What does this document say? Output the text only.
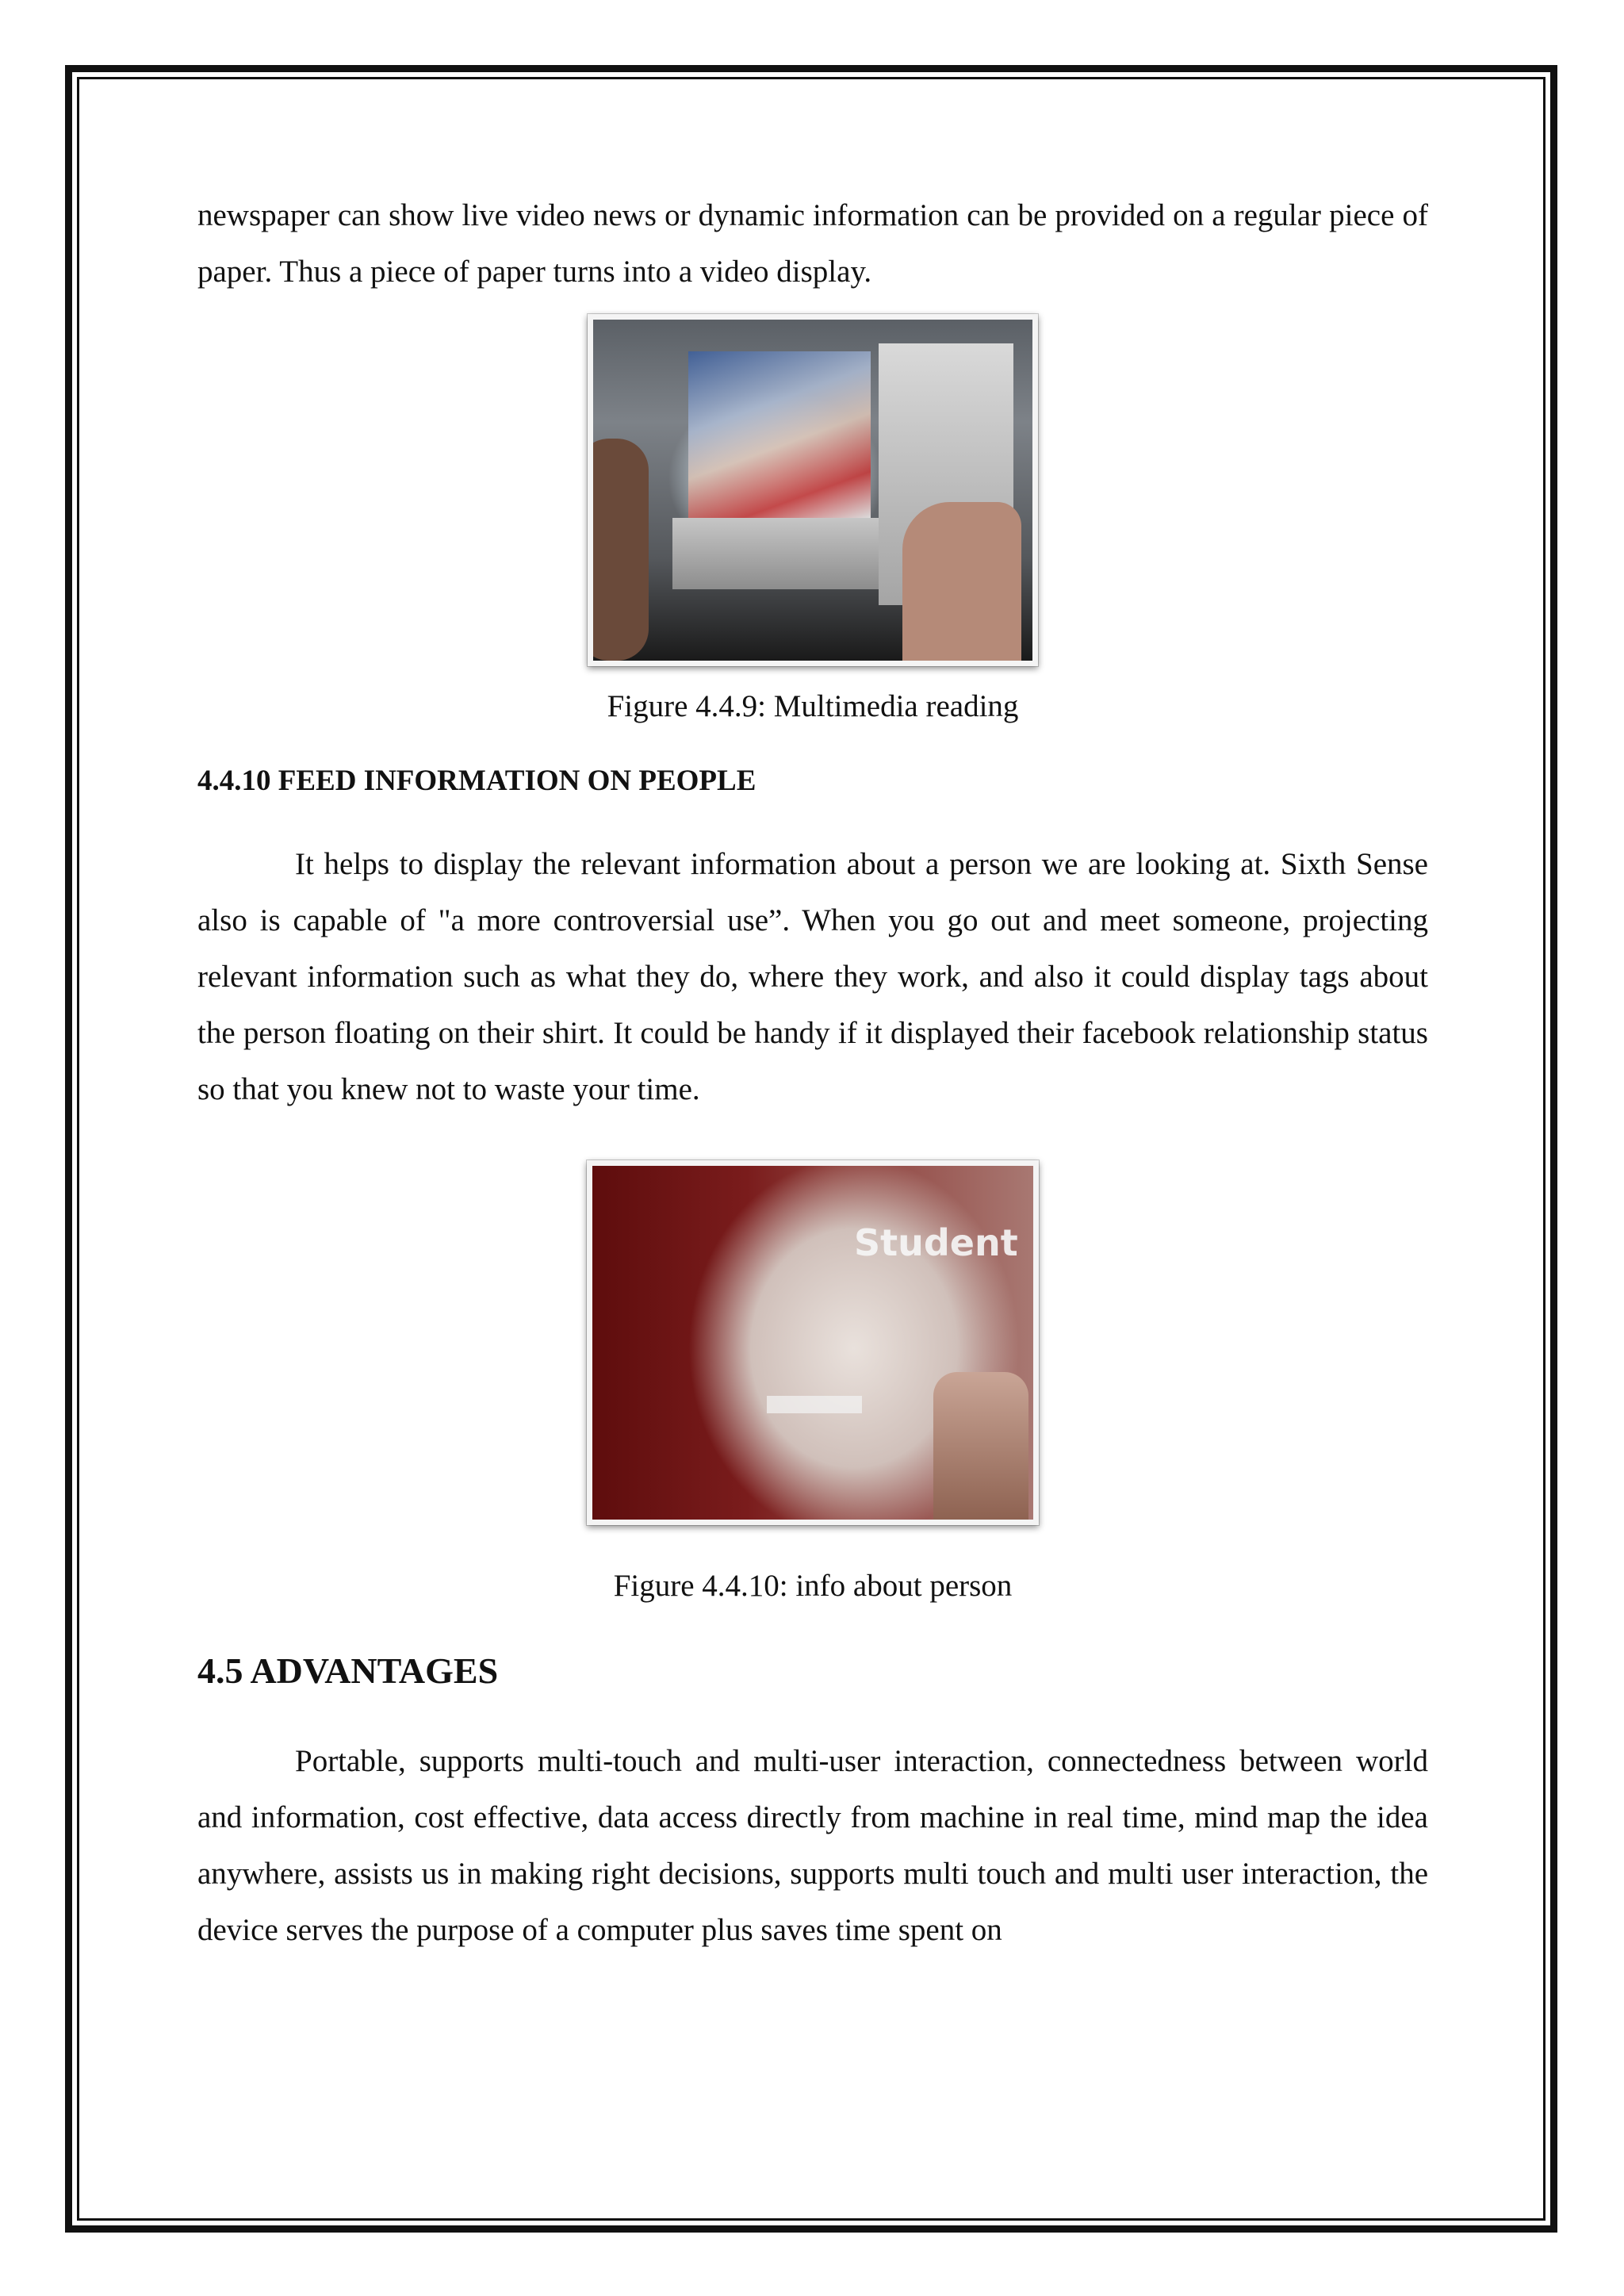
newspaper can show live video news or dynamic information can be provided on a regular piece of paper. Thus a piece of paper turns into a video display.

Figure 4.4.9: Multimedia reading

4.4.10 FEED INFORMATION ON PEOPLE

It helps to display the relevant information about a person we are looking at. Sixth Sense also is capable of "a more controversial use”. When you go out and meet someone, projecting relevant information such as what they do, where they work, and also it could display tags about the person floating on their shirt. It could be handy if it displayed their facebook relationship status so that you knew not to waste your time.

Student

Figure 4.4.10: info about person

4.5 ADVANTAGES

Portable, supports multi-touch and multi-user interaction, connectedness between world and information, cost effective, data access directly from machine in real time, mind map the idea anywhere, assists us in making right decisions, supports multi touch and multi user interaction, the device serves the purpose of a computer plus saves time spent on
